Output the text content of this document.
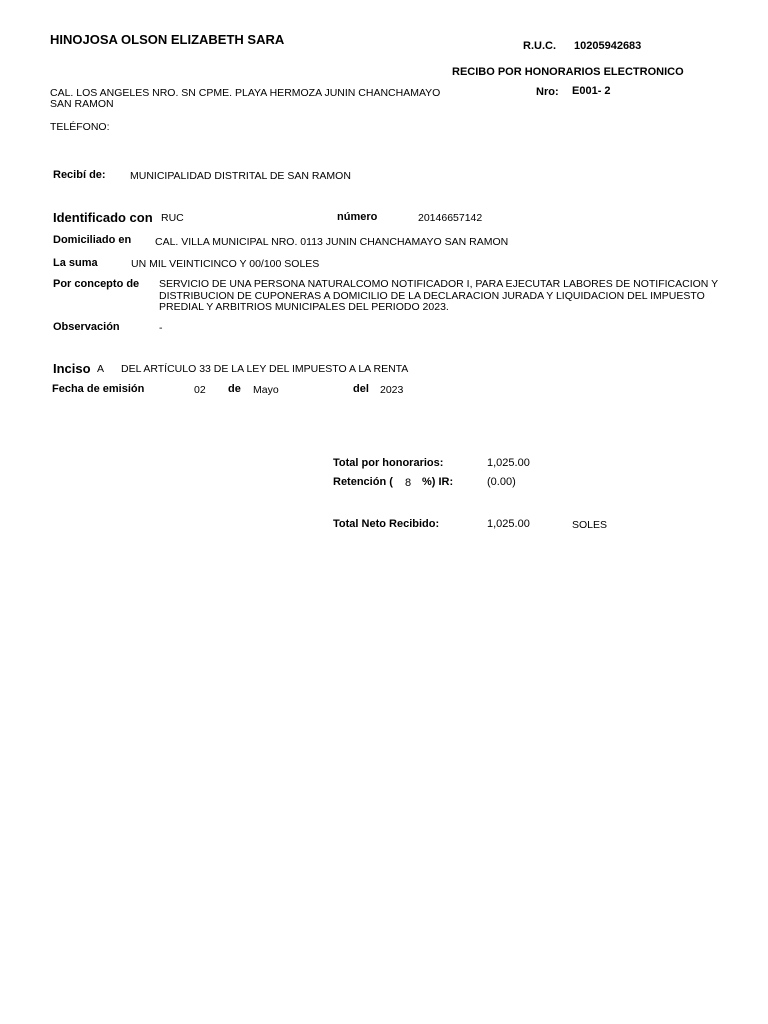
HINOJOSA OLSON ELIZABETH SARA
CAL. LOS ANGELES NRO. SN CPME. PLAYA HERMOZA JUNIN CHANCHAMAYO
SAN RAMON
TELÉFONO:
R.U.C. 10205942683
RECIBO POR HONORARIOS ELECTRONICO
Nro: E001- 2
Recibí de: MUNICIPALIDAD DISTRITAL DE SAN RAMON
Identificado con RUC	número	20146657142
Domiciliado en CAL. VILLA MUNICIPAL NRO. 0113 JUNIN CHANCHAMAYO SAN RAMON
La suma	UN MIL VEINTICINCO Y 00/100 SOLES
Por concepto de SERVICIO DE UNA PERSONA NATURALCOMO NOTIFICADOR I, PARA EJECUTAR LABORES DE NOTIFICACION Y DISTRIBUCION DE CUPONERAS A DOMICILIO DE LA DECLARACION JURADA Y LIQUIDACION DEL IMPUESTO PREDIAL Y ARBITRIOS MUNICIPALES DEL PERIODO 2023.
Observación	-
Inciso A DEL ARTÍCULO 33 DE LA LEY DEL IMPUESTO A LA RENTA
Fecha de emisión	02 de Mayo	del 2023
Total por honorarios:	1,025.00
Retención ( 8 %) IR:	(0.00)
Total Neto Recibido:	1,025.00	SOLES
